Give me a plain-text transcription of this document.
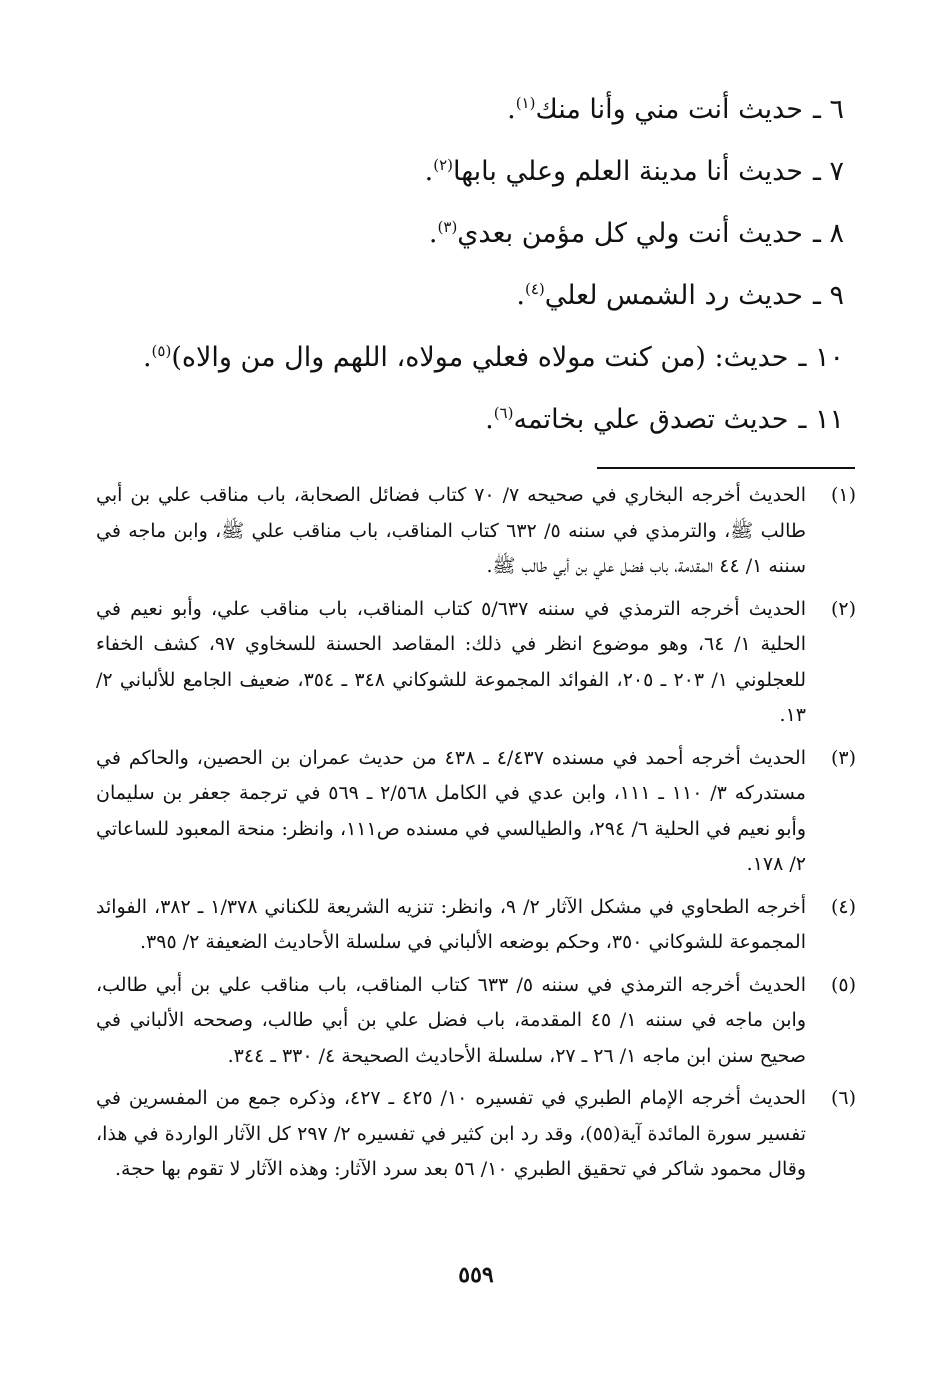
٦ ـحديث أنت مني وأنا منك$^{(١)}$.
٧ ـحديث أنا مدينة العلم وعلي بابها$^{(٢)}$.
٨ ـحديث أنت ولي كل مؤمن بعدي$^{(٣)}$.
٩ ـحديث رد الشمس لعلي$^{(٤)}$.
١٠ ـحديث: (من كنت مولاه فعلي مولاه، اللهم وال من والاه)$^{(٥)}$.
١١ ـحديث تصدق علي بخاتمه$^{(٦)}$.
(١)
الحديث أخرجه البخاري في صحيحه ٧/ ٧٠ كتاب فضائل الصحابة، باب مناقب علي بن أبي طالب ﷺ، والترمذي في سننه ٥/ ٦٣٢ كتاب المناقب، باب مناقب علي ﷺ، وابن ماجه في سننه ١/ ٤٤ المقدمة، باب فضل علي بن أبي طالب ﷺ.
(٢)
الحديث أخرجه الترمذي في سننه ٥/٦٣٧ كتاب المناقب، باب مناقب علي، وأبو نعيم في الحلية ١/ ٦٤، وهو موضوع انظر في ذلك: المقاصد الحسنة للسخاوي ٩٧، كشف الخفاء للعجلوني ١/ ٢٠٣ ـ ٢٠٥، الفوائد المجموعة للشوكاني ٣٤٨ ـ ٣٥٤، ضعيف الجامع للألباني ٢/ ١٣.
(٣)
الحديث أخرجه أحمد في مسنده ٤/٤٣٧ ـ ٤٣٨ من حديث عمران بن الحصين، والحاكم في مستدركه ٣/ ١١٠ ـ ١١١، وابن عدي في الكامل ٢/٥٦٨ ـ ٥٦٩ في ترجمة جعفر بن سليمان وأبو نعيم في الحلية ٦/ ٢٩٤، والطيالسي في مسنده ص١١١، وانظر: منحة المعبود للساعاتي ٢/ ١٧٨.
(٤)
أخرجه الطحاوي في مشكل الآثار ٢/ ٩، وانظر: تنزيه الشريعة للكناني ١/٣٧٨ ـ ٣٨٢، الفوائد المجموعة للشوكاني ٣٥٠، وحكم بوضعه الألباني في سلسلة الأحاديث الضعيفة ٢/ ٣٩٥.
(٥)
الحديث أخرجه الترمذي في سننه ٥/ ٦٣٣ كتاب المناقب، باب مناقب علي بن أبي طالب، وابن ماجه في سننه ١/ ٤٥ المقدمة، باب فضل علي بن أبي طالب، وصححه الألباني في صحيح سنن ابن ماجه ١/ ٢٦ ـ ٢٧، سلسلة الأحاديث الصحيحة ٤/ ٣٣٠ ـ ٣٤٤.
(٦)
الحديث أخرجه الإمام الطبري في تفسيره ١٠/ ٤٢٥ ـ ٤٢٧، وذكره جمع من المفسرين في تفسير سورة المائدة آية(٥٥)، وقد رد ابن كثير في تفسيره ٢/ ٢٩٧ كل الآثار الواردة في هذا، وقال محمود شاكر في تحقيق الطبري ١٠/ ٥٦ بعد سرد الآثار: وهذه الآثار لا تقوم بها حجة.
٥٥٩
